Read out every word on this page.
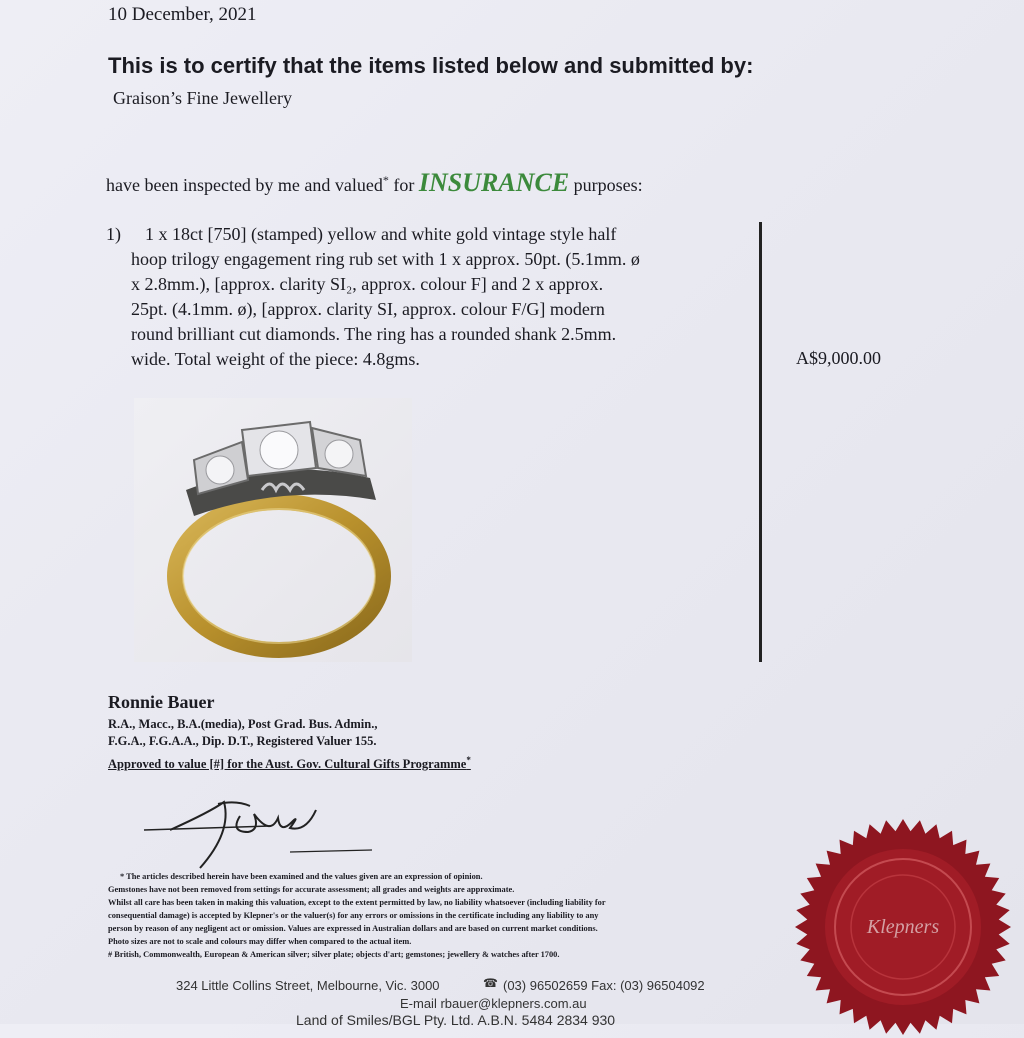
10 December, 2021
This is to certify that the items listed below and submitted by:
Graison’s Fine Jewellery
have been inspected by me and valued* for INSURANCE purposes:
1) 1 x 18ct [750] (stamped) yellow and white gold vintage style half
hoop trilogy engagement ring rub set with 1 x approx. 50pt. (5.1mm. ø
x 2.8mm.), [approx. clarity SI₂, approx. colour F] and 2 x approx.
25pt. (4.1mm. ø), [approx. clarity SI, approx. colour F/G] modern
round brilliant cut diamonds. The ring has a rounded shank 2.5mm.
wide. Total weight of the piece: 4.8gms.	A$9,000.00
Ronnie Bauer
R.A., Macc., B.A.(media), Post Grad. Bus. Admin.,
F.G.A., F.G.A.A., Dip. D.T., Registered Valuer 155.
Approved to value [#] for the Aust. Gov. Cultural Gifts Programme*
* The articles described herein have been examined and the values given are an expression of opinion.
Gemstones have not been removed from settings for accurate assessment; all grades and weights are approximate.
Whilst all care has been taken in making this valuation, except to the extent permitted by law, no liability whatsoever (including liability for
consequential damage) is accepted by Klepner's or the valuer(s) for any errors or omissions in the certificate including any liability to any
person by reason of any negligent act or omission. Values are expressed in Australian dollars and are based on current market conditions.
Photo sizes are not to scale and colours may differ when compared to the actual item.
# British, Commonwealth, European & American silver; silver plate; objects d'art; gemstones; jewellery & watches after 1700.
324 Little Collins Street, Melbourne, Vic. 3000	☎ (03) 96502659 Fax: (03) 96504092
E-mail rbauer@klepners.com.au
Land of Smiles/BGL Pty. Ltd. A.B.N. 5484 2834 930
Klepners
